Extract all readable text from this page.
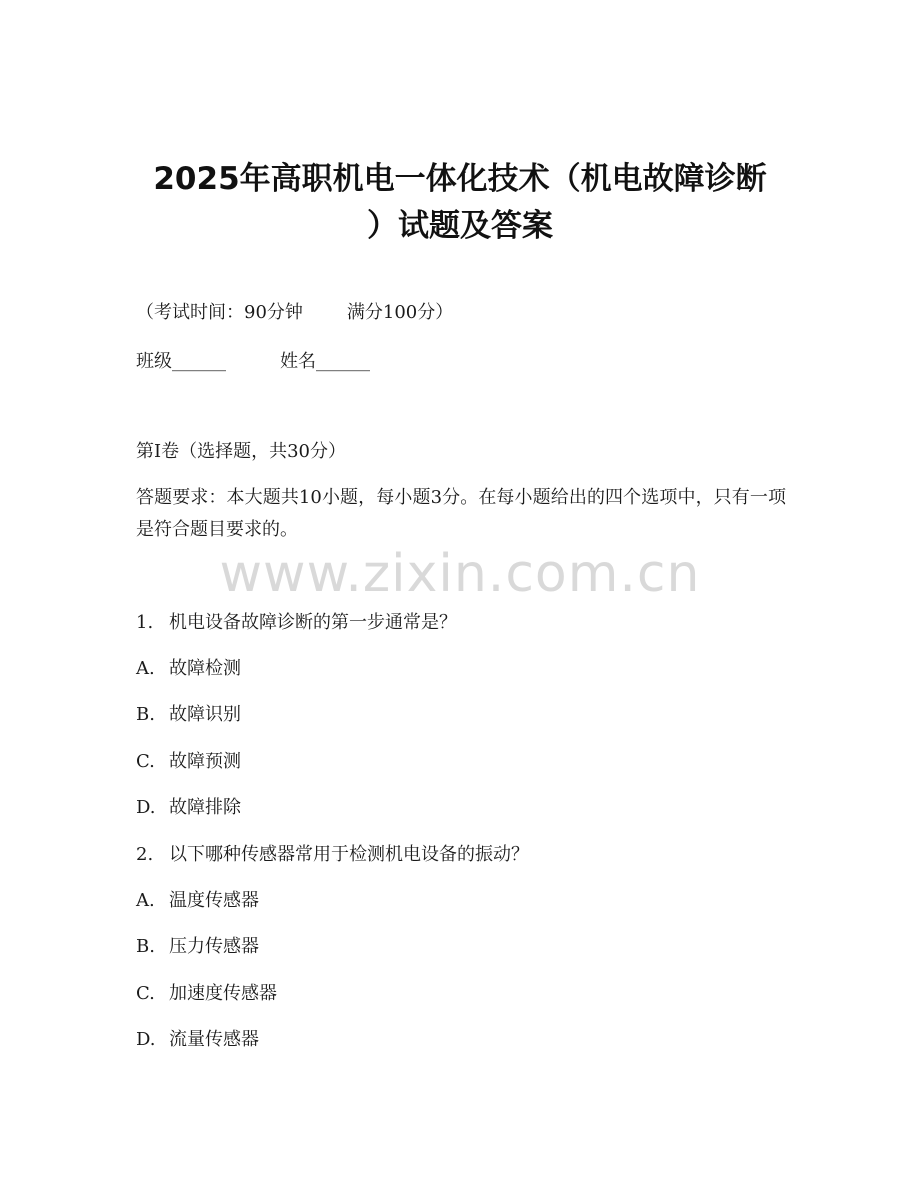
2025年高职机电一体化技术（机电故障诊断
）试题及答案
（考试时间：90分钟 满分100分）
班级______	姓名______
第Ⅰ卷（选择题，共30分）
答题要求：本大题共10小题，每小题3分。在每小题给出的四个选项中，只有一项是符合题目要求的。
www.zixin.com.cn
1. 机电设备故障诊断的第一步通常是？
A. 故障检测
B. 故障识别
C. 故障预测
D. 故障排除
2. 以下哪种传感器常用于检测机电设备的振动？
A. 温度传感器
B. 压力传感器
C. 加速度传感器
D. 流量传感器
